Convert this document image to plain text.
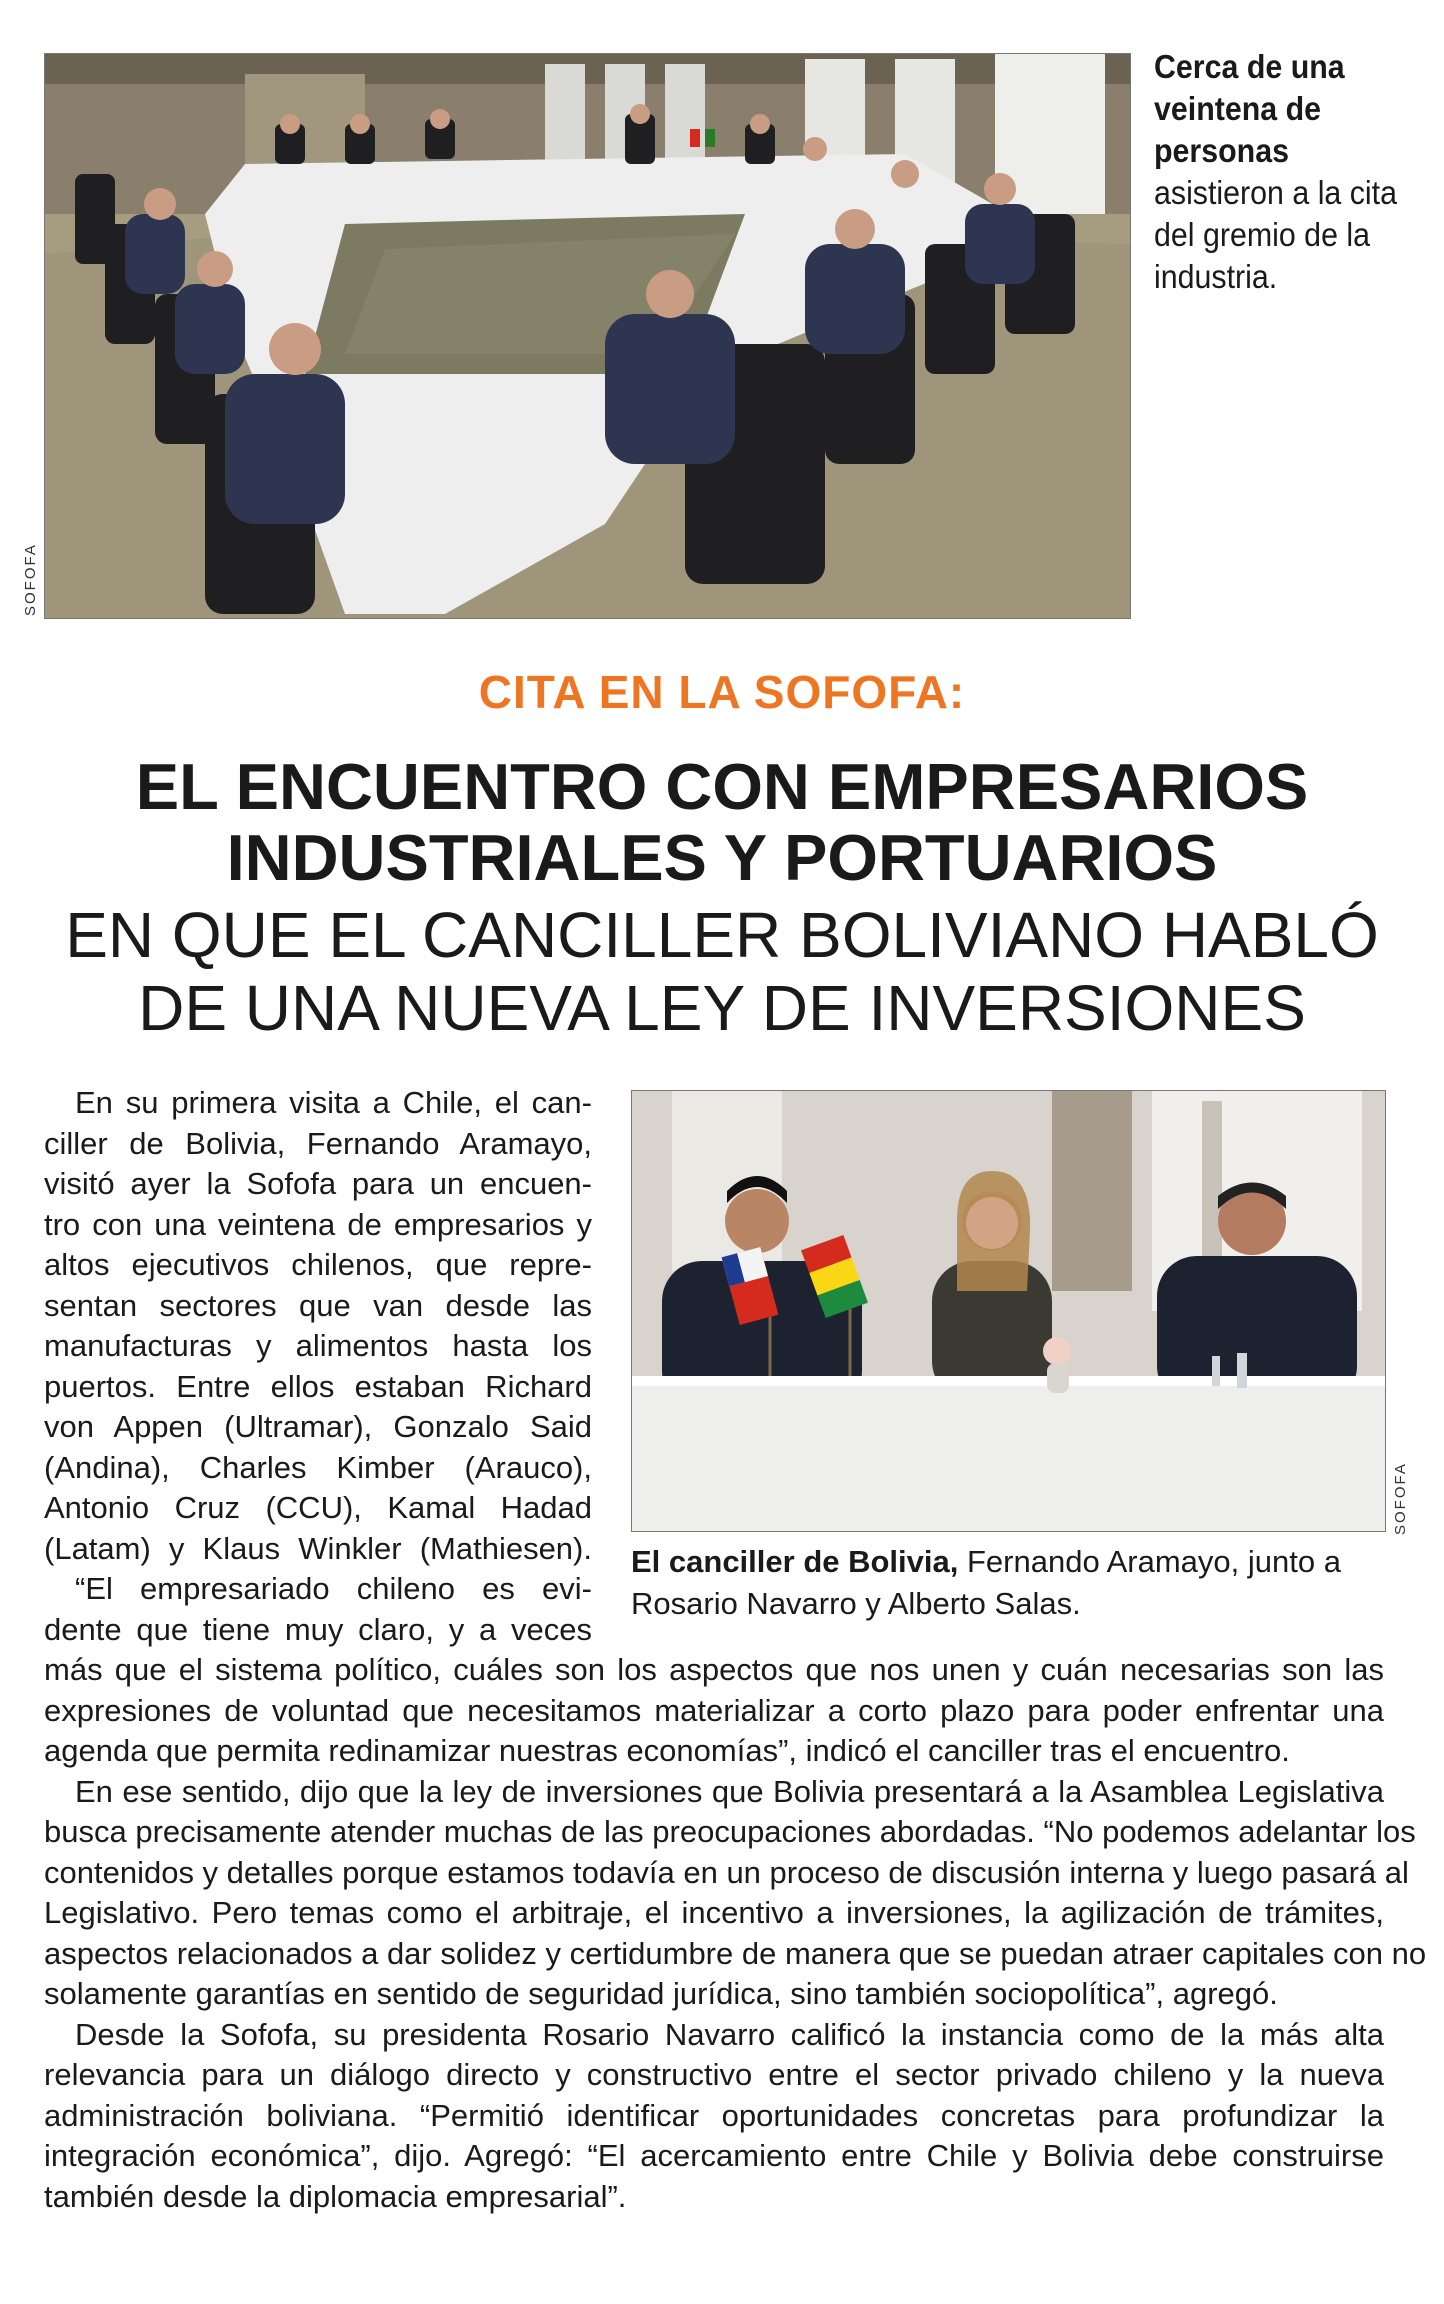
SOFOFA
Cerca de una veintena de personas asistieron a la cita del gremio de la industria.
CITA EN LA SOFOFA:
EL ENCUENTRO CON EMPRESARIOS
INDUSTRIALES Y PORTUARIOS
EN QUE EL CANCILLER BOLIVIANO HABLÓ
DE UNA NUEVA LEY DE INVERSIONES
SOFOFA
El canciller de Bolivia, Fernando Aramayo, junto a
Rosario Navarro y Alberto Salas.
 En su primera visita a Chile, el can-
ciller de Bolivia, Fernando Aramayo,
visitó ayer la Sofofa para un encuen-
tro con una veintena de empresarios y
altos ejecutivos chilenos, que repre-
sentan sectores que van desde las
manufacturas y alimentos hasta los
puertos. Entre ellos estaban Richard
von Appen (Ultramar), Gonzalo Said
(Andina), Charles Kimber (Arauco),
Antonio Cruz (CCU), Kamal Hadad
(Latam) y Klaus Winkler (Mathiesen).
 “El empresariado chileno es evi-
dente que tiene muy claro, y a veces
más que el sistema político, cuáles son los aspectos que nos unen y cuán necesarias son las
expresiones de voluntad que necesitamos materializar a corto plazo para poder enfrentar una
agenda que permita redinamizar nuestras economías”, indicó el canciller tras el encuentro.
 En ese sentido, dijo que la ley de inversiones que Bolivia presentará a la Asamblea Legislativa
busca precisamente atender muchas de las preocupaciones abordadas. “No podemos adelantar los
contenidos y detalles porque estamos todavía en un proceso de discusión interna y luego pasará al
Legislativo. Pero temas como el arbitraje, el incentivo a inversiones, la agilización de trámites,
aspectos relacionados a dar solidez y certidumbre de manera que se puedan atraer capitales con no
solamente garantías en sentido de seguridad jurídica, sino también sociopolítica”, agregó.
 Desde la Sofofa, su presidenta Rosario Navarro calificó la instancia como de la más alta
relevancia para un diálogo directo y constructivo entre el sector privado chileno y la nueva
administración boliviana. “Permitió identificar oportunidades concretas para profundizar la
integración económica”, dijo. Agregó: “El acercamiento entre Chile y Bolivia debe construirse
también desde la diplomacia empresarial”.
